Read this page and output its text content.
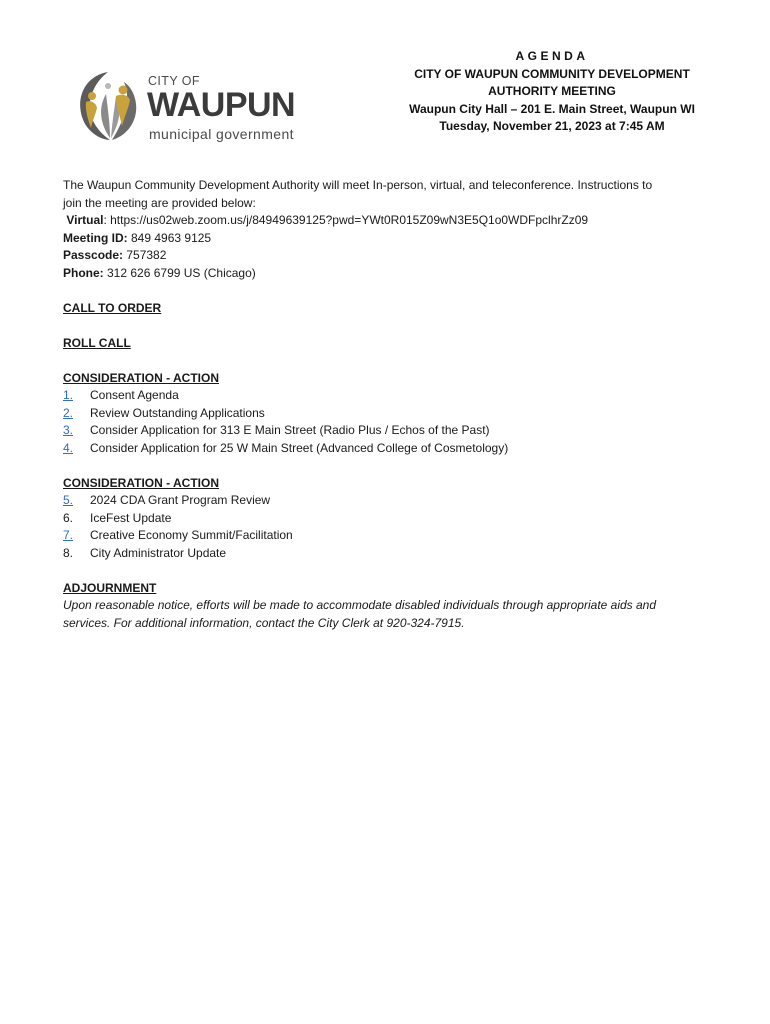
CITY OF
WAUPUN
municipal government
AGENDA
CITY OF WAUPUN COMMUNITY DEVELOPMENT
AUTHORITY MEETING
Waupun City Hall – 201 E. Main Street, Waupun WI
Tuesday, November 21, 2023 at 7:45 AM
The Waupun Community Development Authority will meet In-person, virtual, and teleconference. Instructions to
join the meeting are provided below:
Virtual: https://us02web.zoom.us/j/84949639125?pwd=YWt0R015Z09wN3E5Q1o0WDFpclhrZz09
Meeting ID: 849 4963 9125
Passcode: 757382
Phone: 312 626 6799 US (Chicago)
CALL TO ORDER
ROLL CALL
CONSIDERATION - ACTION
1.	Consent Agenda
2.	Review Outstanding Applications
3.	Consider Application for 313 E Main Street (Radio Plus / Echos of the Past)
4.	Consider Application for 25 W Main Street (Advanced College of Cosmetology)
CONSIDERATION - ACTION
5.	2024 CDA Grant Program Review
6.	IceFest Update
7.	Creative Economy Summit/Facilitation
8.	City Administrator Update
ADJOURNMENT
Upon reasonable notice, efforts will be made to accommodate disabled individuals through appropriate aids and
services. For additional information, contact the City Clerk at 920-324-7915.
